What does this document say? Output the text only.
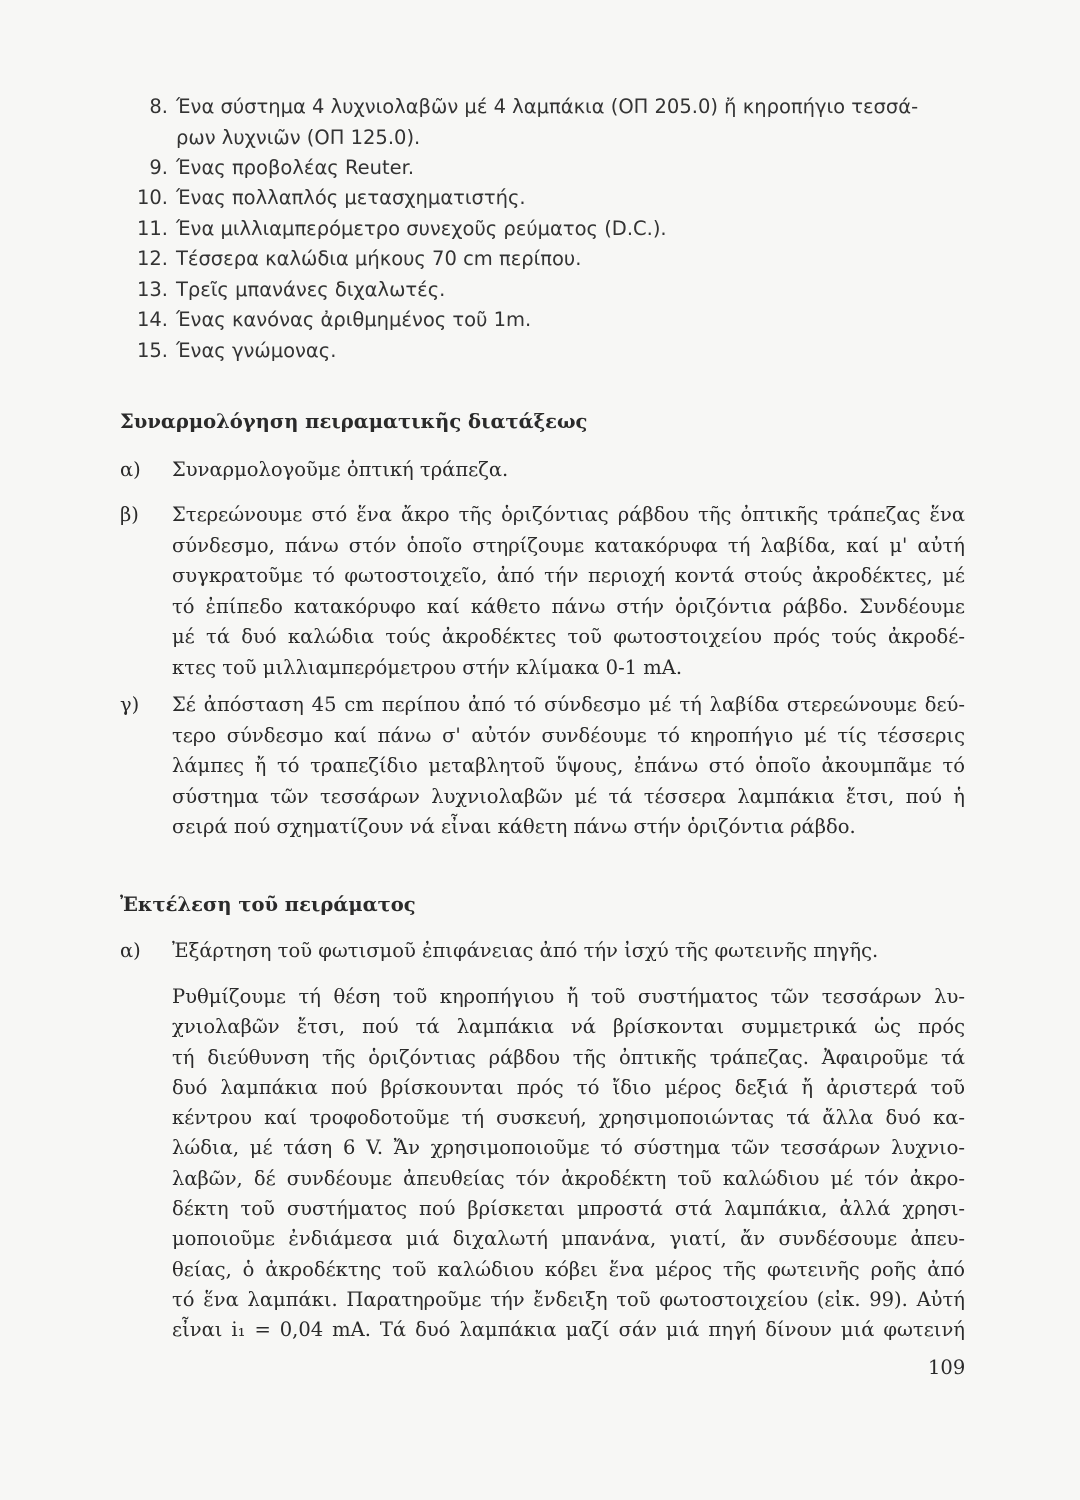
8. Ένα σύστημα 4 λυχνιολαβῶν μέ 4 λαμπάκια (ΟΠ 205.0) ἤ κηροπήγιο τεσσά-
ρων λυχνιῶν (ΟΠ 125.0).
9. Ένας προβολέας Reuter.
10. Ένας πολλαπλός μετασχηματιστής.
11. Ένα μιλλιαμπερόμετρο συνεχοῦς ρεύματος (D.C.).
12. Τέσσερα καλώδια μήκους 70 cm περίπου.
13. Τρεῖς μπανάνες διχαλωτές.
14. Ένας κανόνας ἀριθμημένος τοῦ 1m.
15. Ένας γνώμονας.
Συναρμολόγηση πειραματικῆς διατάξεως
α)	Συναρμολογοῦμε ὀπτική τράπεζα.
β)	Στερεώνουμε στό ἕνα ἄκρο τῆς ὁριζόντιας ράβδου τῆς ὀπτικῆς τράπεζας ἕνα
σύνδεσμο, πάνω στόν ὁποῖο στηρίζουμε κατακόρυφα τή λαβίδα, καί μ' αὐτή
συγκρατοῦμε τό φωτοστοιχεῖο, ἀπό τήν περιοχή κοντά στούς ἀκροδέκτες, μέ
τό ἐπίπεδο κατακόρυφο καί κάθετο πάνω στήν ὁριζόντια ράβδο. Συνδέουμε
μέ τά δυό καλώδια τούς ἀκροδέκτες τοῦ φωτοστοιχείου πρός τούς ἀκροδέ-
κτες τοῦ μιλλιαμπερόμετρου στήν κλίμακα 0-1 mA.
γ)	Σέ ἀπόσταση 45 cm περίπου ἀπό τό σύνδεσμο μέ τή λαβίδα στερεώνουμε δεύ-
τερο σύνδεσμο καί πάνω σ' αὐτόν συνδέουμε τό κηροπήγιο μέ τίς τέσσερις
λάμπες ἤ τό τραπεζίδιο μεταβλητοῦ ὕψους, ἐπάνω στό ὁποῖο ἀκουμπᾶμε τό
σύστημα τῶν τεσσάρων λυχνιολαβῶν μέ τά τέσσερα λαμπάκια ἔτσι, πού ἡ
σειρά πού σχηματίζουν νά εἶναι κάθετη πάνω στήν ὁριζόντια ράβδο.
Ἐκτέλεση τοῦ πειράματος
α)	Ἐξάρτηση τοῦ φωτισμοῦ ἐπιφάνειας ἀπό τήν ἰσχύ τῆς φωτεινῆς πηγῆς.
Ρυθμίζουμε τή θέση τοῦ κηροπήγιου ἤ τοῦ συστήματος τῶν τεσσάρων λυ-
χνιολαβῶν ἔτσι, πού τά λαμπάκια νά βρίσκονται συμμετρικά ὡς πρός
τή διεύθυνση τῆς ὁριζόντιας ράβδου τῆς ὀπτικῆς τράπεζας. Ἀφαιροῦμε τά
δυό λαμπάκια πού βρίσκουνται πρός τό ἴδιο μέρος δεξιά ἤ ἀριστερά τοῦ
κέντρου καί τροφοδοτοῦμε τή συσκευή, χρησιμοποιώντας τά ἄλλα δυό κα-
λώδια, μέ τάση 6 V. Ἄν χρησιμοποιοῦμε τό σύστημα τῶν τεσσάρων λυχνιο-
λαβῶν, δέ συνδέουμε ἀπευθείας τόν ἀκροδέκτη τοῦ καλώδιου μέ τόν ἀκρο-
δέκτη τοῦ συστήματος πού βρίσκεται μπροστά στά λαμπάκια, ἀλλά χρησι-
μοποιοῦμε ἐνδιάμεσα μιά διχαλωτή μπανάνα, γιατί, ἄν συνδέσουμε ἀπευ-
θείας, ὁ ἀκροδέκτης τοῦ καλώδιου κόβει ἕνα μέρος τῆς φωτεινῆς ροῆς ἀπό
τό ἕνα λαμπάκι. Παρατηροῦμε τήν ἔνδειξη τοῦ φωτοστοιχείου (εἰκ. 99). Αὐτή
εἶναι i₁ = 0,04 mA. Τά δυό λαμπάκια μαζί σάν μιά πηγή δίνουν μιά φωτεινή
109
